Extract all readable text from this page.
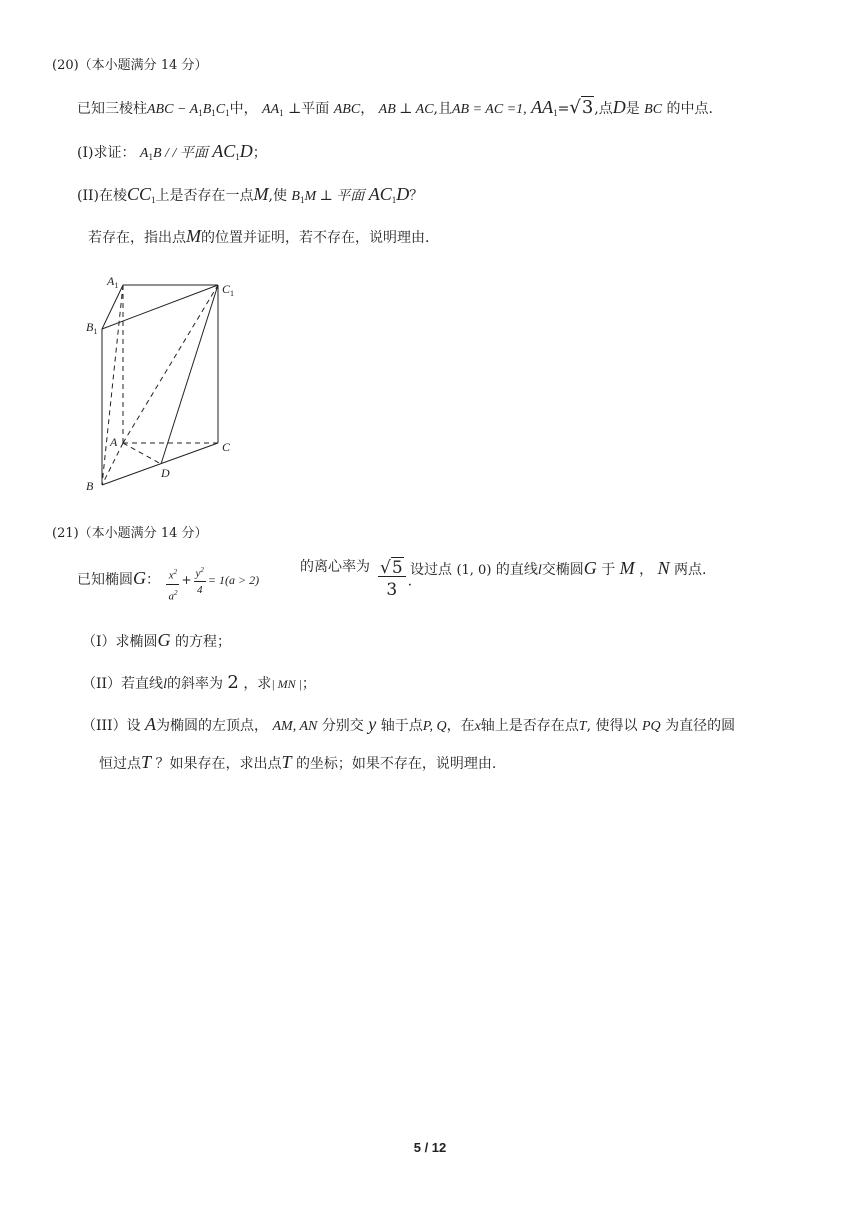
(20)（本小题满分 14 分）
已知三棱柱ABC − $A_1B_1C_1$中， $AA_1$ ⊥平面 ABC， AB ⊥ AC,且AB = AC =1, $AA_1=√3$,点D是 BC 的中点.
(I)求证： $A_1B$ / / 平面 $AC_1D$；
(II)在棱$CC_1$上是否存在一点M,使 $B_1M$ ⊥ 平面 $AC_1D$？
若存在，指出点M的位置并证明，若不存在，说明理由.
$A_1$	$C_1$
$B_1$
A	C
B
D
(21)（本小题满分 14 分）
已知椭圆G： $\frac{x^2}{a^2} + \frac{y^2}{4} = 1(a > 2)$
的离心率为 $\frac{√5}{3}$ .
设过点 (1, 0) 的直线l交椭圆G 于 M ， N 两点.
（I）求椭圆G 的方程；
（II）若直线l的斜率为 2 ，求| MN |；
（III）设 A为椭圆的左顶点， AM, AN 分别交 y 轴于点P, Q，在x轴上是否存在点T, 使得以 PQ 为直径的圆
恒过点T ？如果存在，求出点T 的坐标；如果不存在，说明理由.
5 / 12
